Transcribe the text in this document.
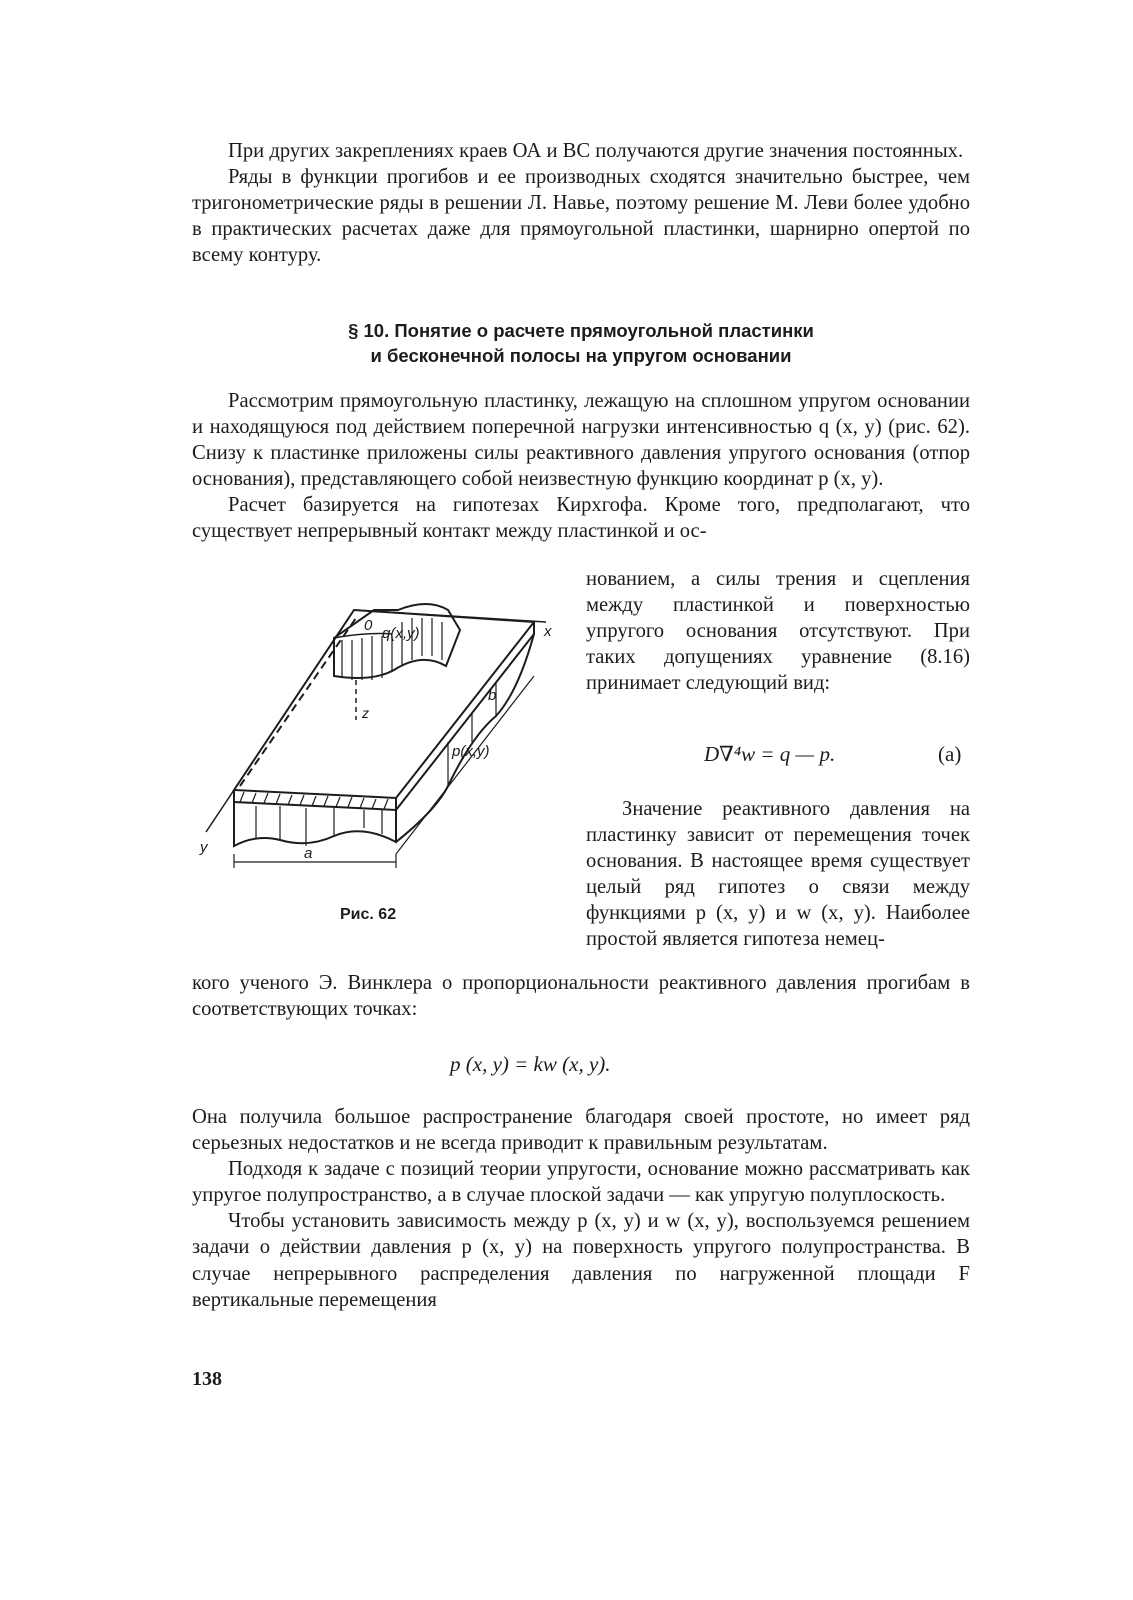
При других закреплениях краев ОА и ВС получаются другие значения постоянных.

Ряды в функции прогибов и ее производных сходятся значительно быстрее, чем тригонометрические ряды в решении Л. Навье, поэтому решение М. Леви более удобно в практических расчетах даже для прямоугольной пластинки, шарнирно опертой по всему контуру.

§ 10. Понятие о расчете прямоугольной пластинки
и бесконечной полосы на упругом основании

Рассмотрим прямоугольную пластинку, лежащую на сплошном упругом основании и находящуюся под действием поперечной нагрузки интенсивностью q (x, y) (рис. 62). Снизу к пластинке приложены силы реактивного давления упругого основания (отпор основания), представляющего собой неизвестную функцию координат p (x, y).

Расчет базируется на гипотезах Кирхгофа. Кроме того, предполагают, что существует непрерывный контакт между пластинкой и ос-

нованием, а силы трения и сцепления между пластинкой и поверхностью упругого основания отсутствуют. При таких допущениях уравнение (8.16) принимает следующий вид:

D∇⁴w = q — p.	(a)

Значение реактивного давления на пластинку зависит от перемещения точек основания. В настоящее время существует целый ряд гипотез о связи между функциями p (x, y) и w (x, y). Наиболее простой является гипотеза немец-

0 q(x,y)	x
z
p(x,y)
y	a
b
Рис. 62

кого ученого Э. Винклера о пропорциональности реактивного давления прогибам в соответствующих точках:

p (x, y) = kw (x, y).

Она получила большое распространение благодаря своей простоте, но имеет ряд серьезных недостатков и не всегда приводит к правильным результатам.

Подходя к задаче с позиций теории упругости, основание можно рассматривать как упругое полупространство, а в случае плоской задачи — как упругую полуплоскость.

Чтобы установить зависимость между p (x, y) и w (x, y), воспользуемся решением задачи о действии давления p (x, y) на поверхность упругого полупространства. В случае непрерывного распределения давления по нагруженной площади F вертикальные перемещения

138
